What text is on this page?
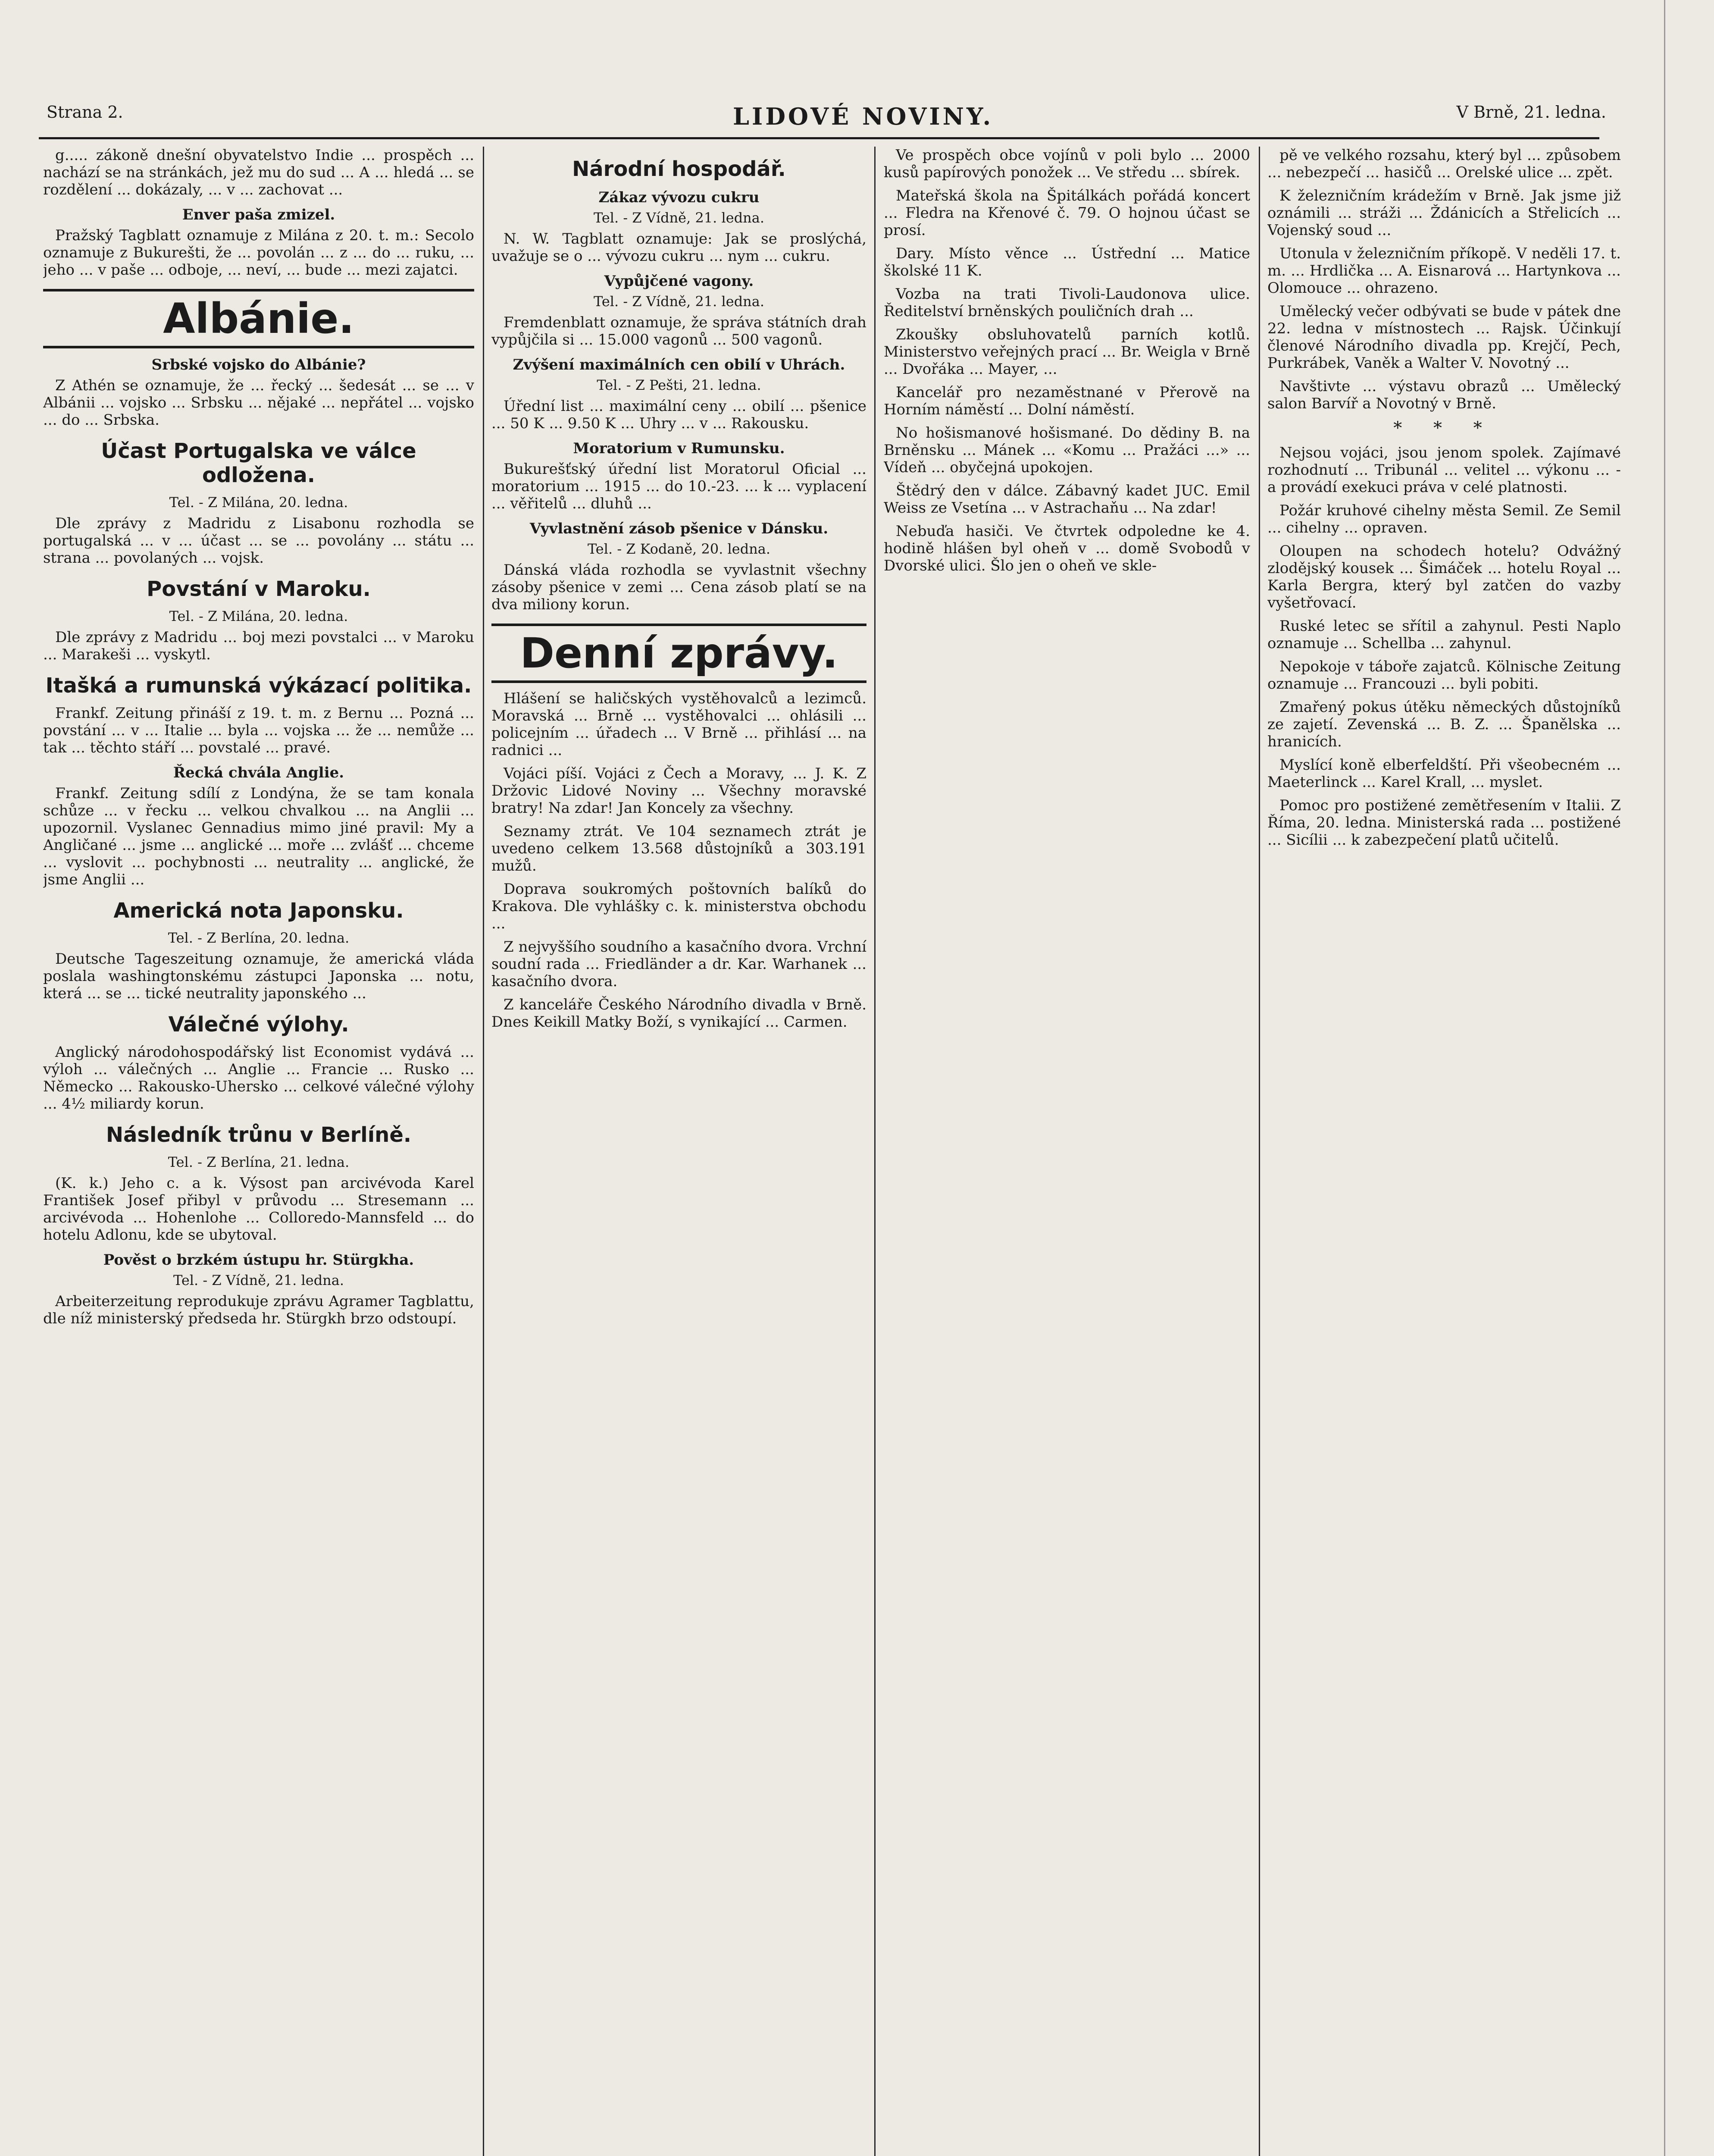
Strana 2.	LIDOVÉ NOVINY.	V Brně, 21. ledna.

g..... zákoně dnešní obyvatelstvo Indie ... prospěch ... nachází se na stránkách, jež mu do sud ... A ... hledá ... se rozdělení ... dokázaly, ... v ... zachovat ...

Enver paša zmizel.

Pražský Tagblatt oznamuje z Milána z 20. t. m.: Secolo oznamuje z Bukurešti, že ... povolán ... z ... do ... ruku, ... jeho ... v paše ... odboje, ... neví, ... bude ... mezi zajatci.

Albánie.
Srbské vojsko do Albánie?

Z Athén se oznamuje, že ... řecký ... šedesát ... se ... v Albánii ... vojsko ... Srbsku ... nějaké ... nepřátel ... vojsko ... do ... Srbska.

Účast Portugalska ve válce odložena.
Tel. - Z Milána, 20. ledna.

Dle zprávy z Madridu z Lisabonu rozhodla se portugalská ... v ... účast ... se ... povolány ... státu ... strana ... povolaných ... vojsk.

Povstání v Maroku.
Tel. - Z Milána, 20. ledna.

Dle zprávy z Madridu ... boj mezi povstalci ... v Maroku ... Marakeši ... vyskytl.

Itašká a rumunská výkázací politika.

Frankf. Zeitung přináší z 19. t. m. z Bernu ... Pozná ... povstání ... v ... Italie ... byla ... vojska ... že ... nemůže ... tak ... těchto stáří ... povstalé ... pravé.

Řecká chvála Anglie.

Frankf. Zeitung sdílí z Londýna, že se tam konala schůze ... v řecku ... velkou chvalkou ... na Anglii ... upozornil. Vyslanec Gennadius mimo jiné pravil: My a Angličané ... jsme ... anglické ... moře ... zvlášť ... chceme ... vyslovit ... pochybnosti ... neutrality ... anglické, že jsme Anglii ...

Americká nota Japonsku.
Tel. - Z Berlína, 20. ledna.

Deutsche Tageszeitung oznamuje, že americká vláda poslala washingtonskému zástupci Japonska ... notu, která ... se ... tické neutrality japonského ...

Válečné výlohy.

Anglický národohospodářský list Economist vydává ... výloh ... válečných ... Anglie ... Francie ... Rusko ... Německo ... Rakousko-Uhersko ... celkové válečné výlohy ... 4½ miliardy korun.

Následník trůnu v Berlíně.
Tel. - Z Berlína, 21. ledna.

(K. k.) Jeho c. a k. Výsost pan arcivévoda Karel František Josef přibyl v průvodu ... Stresemann ... arcivévoda ... Hohenlohe ... Colloredo-Mannsfeld ... do hotelu Adlonu, kde se ubytoval.

Pověst o brzkém ústupu hr. Stürgkha.
Tel. - Z Vídně, 21. ledna.

Arbeiterzeitung reprodukuje zprávu Agramer Tagblattu, dle níž ministerský předseda hr. Stürgkh brzo odstoupí.

Národní hospodář.
Zákaz vývozu cukru
Tel. - Z Vídně, 21. ledna.

N. W. Tagblatt oznamuje: Jak se proslýchá, uvažuje se o ... vývozu cukru ... nym ... cukru.

Vypůjčené vagony.
Tel. - Z Vídně, 21. ledna.

Fremdenblatt oznamuje, že správa státních drah vypůjčila si ... 15.000 vagonů ... 500 vagonů.

Zvýšení maximálních cen obilí v Uhrách.
Tel. - Z Pešti, 21. ledna.

Úřední list ... maximální ceny ... obilí ... pšenice ... 50 K ... 9.50 K ... Uhry ... v ... Rakousku.

Moratorium v Rumunsku.

Bukurešťský úřední list Moratorul Oficial ... moratorium ... 1915 ... do 10.-23. ... k ... vyplacení ... věřitelů ... dluhů ...

Vyvlastnění zásob pšenice v Dánsku.
Tel. - Z Kodaně, 20. ledna.

Dánská vláda rozhodla se vyvlastnit všechny zásoby pšenice v zemi ... Cena zásob platí se na dva miliony korun.

Denní zprávy.

Hlášení se haličských vystěhovalců a lezimců. Moravská ... Brně ... vystěhovalci ... ohlásili ... policejním ... úřadech ... V Brně ... přihlásí ... na radnici ...

Vojáci píší. Vojáci z Čech a Moravy, ... J. K. Z Držovic Lidové Noviny ... Všechny moravské bratry! Na zdar! Jan Koncely za všechny.

Seznamy ztrát. Ve 104 seznamech ztrát je uvedeno celkem 13.568 důstojníků a 303.191 mužů.

Doprava soukromých poštovních balíků do Krakova. Dle vyhlášky c. k. ministerstva obchodu ...

Z nejvyššího soudního a kasačního dvora. Vrchní soudní rada ... Friedländer a dr. Kar. Warhanek ... kasačního dvora.

Z kanceláře Českého Národního divadla v Brně. Dnes Keikill Matky Boží, s vynikající ... Carmen.

Ve prospěch obce vojínů v poli bylo ... 2000 kusů papírových ponožek ... Ve středu ... sbírek.

Mateřská škola na Špitálkách pořádá koncert ... Fledra na Křenové č. 79. O hojnou účast se prosí.

Dary. Místo věnce ... Ústřední ... Matice školské 11 K.

Vozba na trati Tivoli-Laudonova ulice. Ředitelství brněnských pouličních drah ...

Zkoušky obsluhovatelů parních kotlů. Ministerstvo veřejných prací ... Br. Weigla v Brně ... Dvořáka ... Mayer, ...

Kancelář pro nezaměstnané v Přerově na Horním náměstí ... Dolní náměstí.

No hošismanové hošismané. Do dědiny B. na Brněnsku ... Mánek ... «Komu ... Pražáci ...» ... Vídeň ... obyčejná upokojen.

Štědrý den v dálce. Zábavný kadet JUC. Emil Weiss ze Vsetína ... v Astrachaňu ... Na zdar!

Nebuďa hasiči. Ve čtvrtek odpoledne ke 4. hodině hlášen byl oheň v ... domě Svobodů v Dvorské ulici. Šlo jen o oheň ve skle-

pě ve velkého rozsahu, který byl ... způsobem ... nebezpečí ... hasičů ... Orelské ulice ... zpět.

K železničním krádežím v Brně. Jak jsme již oznámili ... stráži ... Ždánicích a Střelicích ... Vojenský soud ...

Utonula v železničním příkopě. V neděli 17. t. m. ... Hrdlička ... A. Eisnarová ... Hartynkova ... Olomouce ... ohrazeno.

Umělecký večer odbývati se bude v pátek dne 22. ledna v místnostech ... Rajsk. Účinkují členové Národního divadla pp. Krejčí, Pech, Purkrábek, Vaněk a Walter V. Novotný ...

Navštivte ... výstavu obrazů ... Umělecký salon Barvíř a Novotný v Brně.

* * *

Nejsou vojáci, jsou jenom spolek. Zajímavé rozhodnutí ... Tribunál ... velitel ... výkonu ... - a provádí exekuci práva v celé platnosti.

Požár kruhové cihelny města Semil. Ze Semil ... cihelny ... opraven.

Oloupen na schodech hotelu? Odvážný zlodějský kousek ... Šimáček ... hotelu Royal ... Karla Bergra, který byl zatčen do vazby vyšetřovací.

Ruské letec se sřítil a zahynul. Pesti Naplo oznamuje ... Schellba ... zahynul.

Nepokoje v táboře zajatců. Kölnische Zeitung oznamuje ... Francouzi ... byli pobiti.

Zmařený pokus útěku německých důstojníků ze zajetí. Zevenská ... B. Z. ... Španělska ... hranicích.

Myslící koně elberfeldští. Při všeobecném ... Maeterlinck ... Karel Krall, ... myslet.

Pomoc pro postižené zemětřesením v Italii. Z Říma, 20. ledna. Ministerská rada ... postižené ... Sicílii ... k zabezpečení platů učitelů.
